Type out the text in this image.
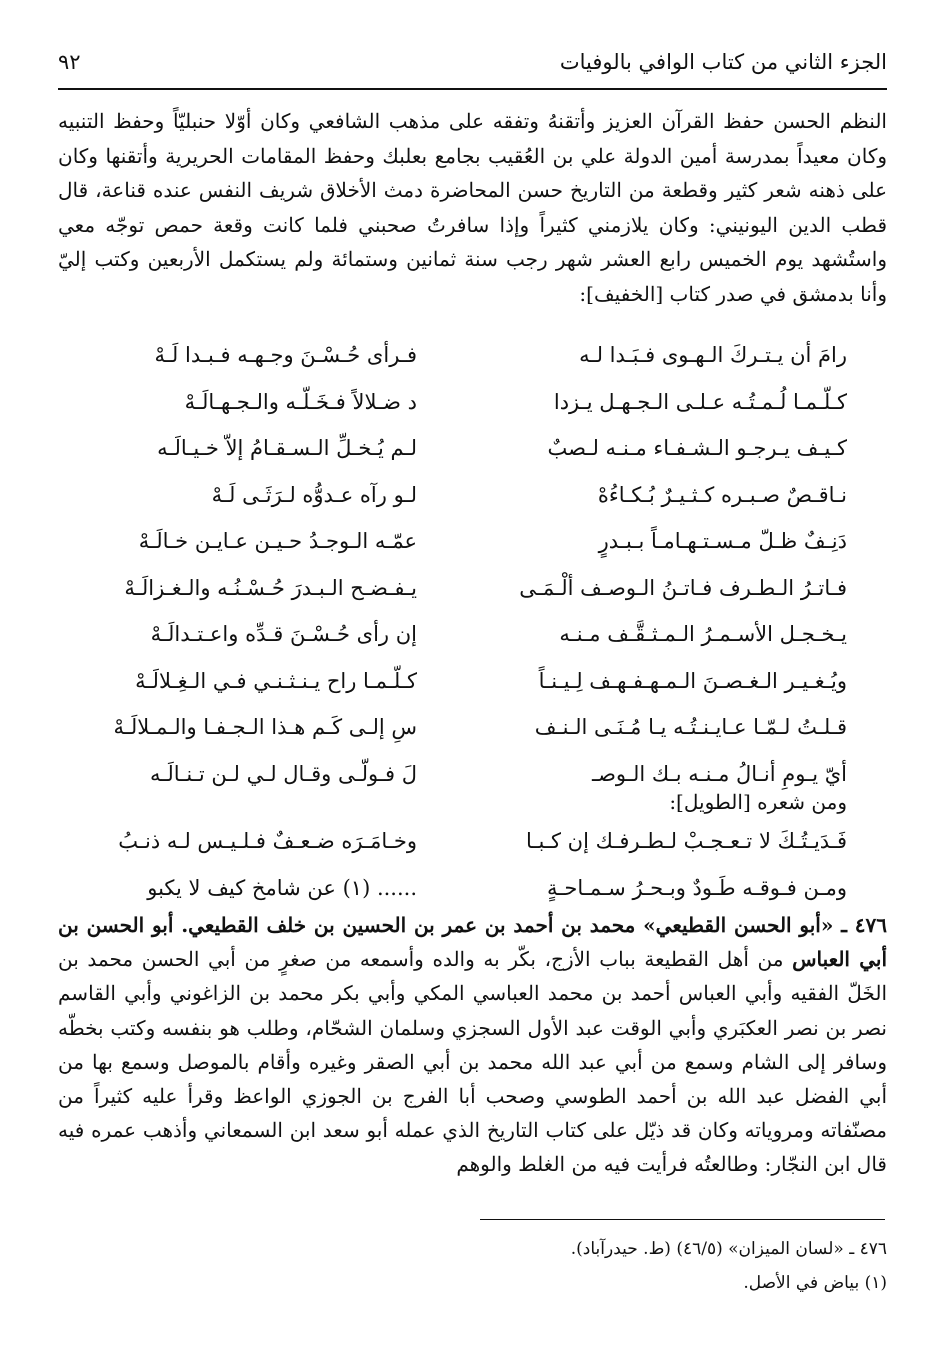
الجزء الثاني من كتاب الوافي بالوفيات
٩٢

النظم الحسن حفظ القرآن العزيز وأتقنهُ وتفقه على مذهب الشافعي وكان أوّلا حنبليّاً وحفظ التنبيه وكان معيداً بمدرسة أمين الدولة علي بن العُقيب بجامع بعلبك وحفظ المقامات الحريرية وأتقنها وكان على ذهنه شعر كثير وقطعة من التاريخ حسن المحاضرة دمث الأخلاق شريف النفس عنده قناعة، قال قطب الدين اليونيني: وكان يلازمني كثيراً وإذا سافرتُ صحبني فلما كانت وقعة حمص توجّه معي واستُشهد يوم الخميس رابع العشر شهر رجب سنة ثمانين وستمائة ولم يستكمل الأربعين وكتب إليّ وأنا بدمشق في صدر كتاب [الخفيف]:

رامَ أن يـتـركَ الـهـوى فـبَـدا لـه
فـرأى حُـسْـنَ وجـهـه فـبـدا لَـهْ
كـلّـمـا لُـمـتُـه عـلـى الـجـهـل يـزدا
د ضـلالاً فـخَـلّـه والـجـهـالَـهْ
كـيـف يـرجـو الـشـفـاء مـنـه لـصبٌ
لـم يُـخـلِّ الـسـقـامُ إلاّ خـيـالَـه
نـاقـصٌ صـبـره كـثـيـرٌ بُـكـاءُهْ
لـو رآه عـدوُّه لـرَثَـى لَـهْ
دَنِـفٌ ظـلّ مـسـتـهـامـاً بـبـدرٍ
عمّـه الـوجـدُ حـيـن عـايـن خـالَـهْ
فـاتـرُ الـطـرف فـاتـنُ الـوصـف ألْـمَـى
يـفـضـح الـبـدرَ حُـسْـنُـه والـغـزالَـهْ
يـخـجـل الأسـمـرُ الـمـثـقَّـف مـنـه
إن رأى حُـسْـنَ قـدِّه واعـتـدالَـهْ
ويُـغـيـر الـغـصـنَ الـمـهـفـهـف لِـيـنـاً
كـلّـمـا راح يـنـثـنـي فـي الـغِـلالَـهْ
قـلـتُ لـمّـا عـايـنـتُـه يـا مُـنَـى الـنـف
سِ إلـى كَـم هـذا الـجـفـا والـمـلالَـهْ
أيّ يـومِ أنـالُ مـنـه بـك الـوصـ
لَ فـولّـى وقـال لـي لـن تـنـالَـه
ومن شعره [الطويل]:
فَـدَيـتُـكَ لا تـعـجـبْ لـطـرفـك إن كـبـا
وخـامَـرَه ضـعـفٌ فـلـيـس لـه ذنـبُ
ومـن فـوقـه طَـودٌ وبـحـرُ سـمـاحـةٍ
...... (١) عن شامخ كيف لا يكبو

٤٧٦ ـ «أبو الحسن القطيعي» محمد بن أحمد بن عمر بن الحسين بن خلف القطيعي. أبو الحسن بن أبي العباس من أهل القطيعة بباب الأزج، بكّر به والده وأسمعه من صغرٍ من أبي الحسن محمد بن الخَلّ الفقيه وأبي العباس أحمد بن محمد العباسي المكي وأبي بكر محمد بن الزاغوني وأبي القاسم نصر بن نصر العكبَري وأبي الوقت عبد الأول السجزي وسلمان الشحّام، وطلب هو بنفسه وكتب بخطّه وسافر إلى الشام وسمع من أبي عبد الله محمد بن أبي الصقر وغيره وأقام بالموصل وسمع بها من أبي الفضل عبد الله بن أحمد الطوسي وصحب أبا الفرج بن الجوزي الواعظ وقرأ عليه كثيراً من مصنّفاته ومروياته وكان قد ذيّل على كتاب التاريخ الذي عمله أبو سعد ابن السمعاني وأذهب عمره فيه قال ابن النجّار: وطالعتُه فرأيت فيه من الغلط والوهم

٤٧٦ ـ «لسان الميزان» (٤٦/٥) (ط. حيدرآباد).
(١) بياض في الأصل.
